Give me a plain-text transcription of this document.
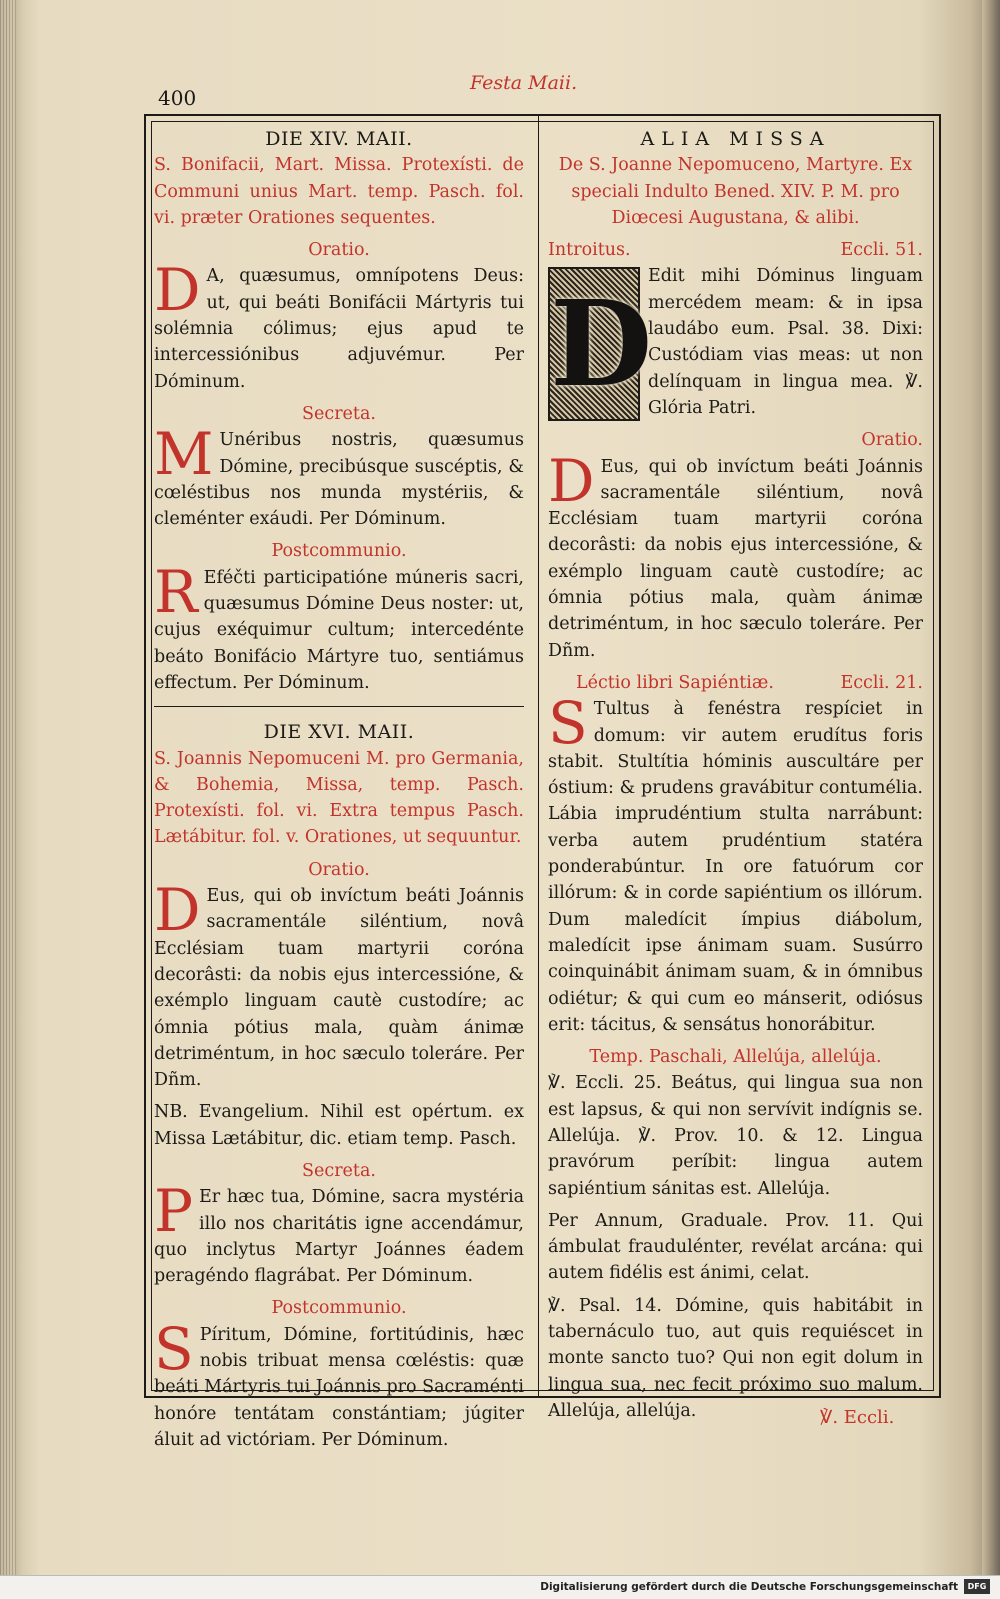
400
Festa Maii.
DIE XIV. MAII.

S. Bonifacii, Mart. Missa. Protexísti. de Communi unius Mart. temp. Pasch. fol. vi. præter Orationes sequentes.

Oratio.
D A, quæsumus, omnípotens Deus: ut, qui beáti Bonifácii Mártyris tui solémnia cólimus; ejus apud te intercessiónibus adjuvémur. Per Dóminum.

Secreta.
M Unéribus nostris, quæsumus Dómine, precibúsque suscéptis, & cœléstibus nos munda mystériis, & cleménter exáudi. Per Dóminum.

Postcommunio.
R Eféčti participatióne múneris sacri, quæsumus Dómine Deus noster: ut, cujus exéquimur cultum; intercedénte beáto Bonifácio Mártyre tuo, sentiámus effectum. Per Dóminum.

DIE XVI. MAII.

S. Joannis Nepomuceni M. pro Germania, & Bohemia, Missa, temp. Pasch. Protexísti. fol. vi. Extra tempus Pasch. Lætábitur. fol. v. Orationes, ut sequuntur.

Oratio.
D Eus, qui ob invíctum beáti Joánnis sacramentále siléntium, novâ Ecclésiam tuam martyrii coróna decorâsti: da nobis ejus intercessióne, & exémplo linguam cautè custodíre; ac ómnia pótius mala, quàm ánimæ detriméntum, in hoc sæculo toleráre. Per Dñm.

NB. Evangelium. Nihil est opértum. ex Missa Lætábitur, dic. etiam temp. Pasch.

Secreta.
P Er hæc tua, Dómine, sacra mystéria illo nos charitátis igne accendámur, quo inclytus Martyr Joánnes éadem peragéndo flagrábat. Per Dóminum.

Postcommunio.
S Píritum, Dómine, fortitúdinis, hæc nobis tribuat mensa cœléstis: quæ beáti Mártyris tui Joánnis pro Sacraménti honóre tentátam constántiam; júgiter áluit ad victóriam. Per Dóminum.

ALIA MISSA

De S. Joanne Nepomuceno, Martyre. Ex speciali Indulto Bened. XIV. P. M. pro Diœcesi Augustana, & alibi.

Introitus.	Eccli. 51.
D

Edit mihi Dóminus linguam mercédem meam: & in ipsa laudábo eum. Psal. 38. Dixi: Custódiam vias meas: ut non delínquam in lingua mea. ℣. Glória Patri.

Oratio.
D Eus, qui ob invíctum beáti Joánnis sacramentále siléntium, novâ Ecclésiam tuam martyrii coróna decorâsti: da nobis ejus intercessióne, & exémplo linguam cautè custodíre; ac ómnia pótius mala, quàm ánimæ detriméntum, in hoc sæculo toleráre. Per Dñm.

Léctio libri Sapiéntiæ.	Eccli. 21.
S Tultus à fenéstra respíciet in domum: vir autem erudítus foris stabit. Stultítia hóminis auscultáre per óstium: & prudens gravábitur contumélia. Lábia imprudéntium stulta narrábunt: verba autem prudéntium statéra ponderabúntur. In ore fatuórum cor illórum: & in corde sapiéntium os illórum. Dum maledícit ímpius diábolum, maledícit ipse ánimam suam. Susúrro coinquinábit ánimam suam, & in ómnibus odiétur; & qui cum eo mánserit, odiósus erit: tácitus, & sensátus honorábitur.

Temp. Paschali, Allelúja, allelúja.

℣. Eccli. 25. Beátus, qui lingua sua non est lapsus, & qui non servívit indígnis se. Allelúja. ℣. Prov. 10. & 12. Lingua pravórum períbit: lingua autem sapiéntium sánitas est. Allelúja.

Per Annum, Graduale. Prov. 11. Qui ámbulat fraudulénter, revélat arcána: qui autem fidélis est ánimi, celat.

℣. Psal. 14. Dómine, quis habitábit in tabernáculo tuo, aut quis requiéscet in monte sancto tuo? Qui non egit dolum in lingua sua, nec fecit próximo suo malum. Allelúja, allelúja.	℣. Eccli.
Digitalisierung gefördert durch die Deutsche Forschungsgemeinschaft	DFG
